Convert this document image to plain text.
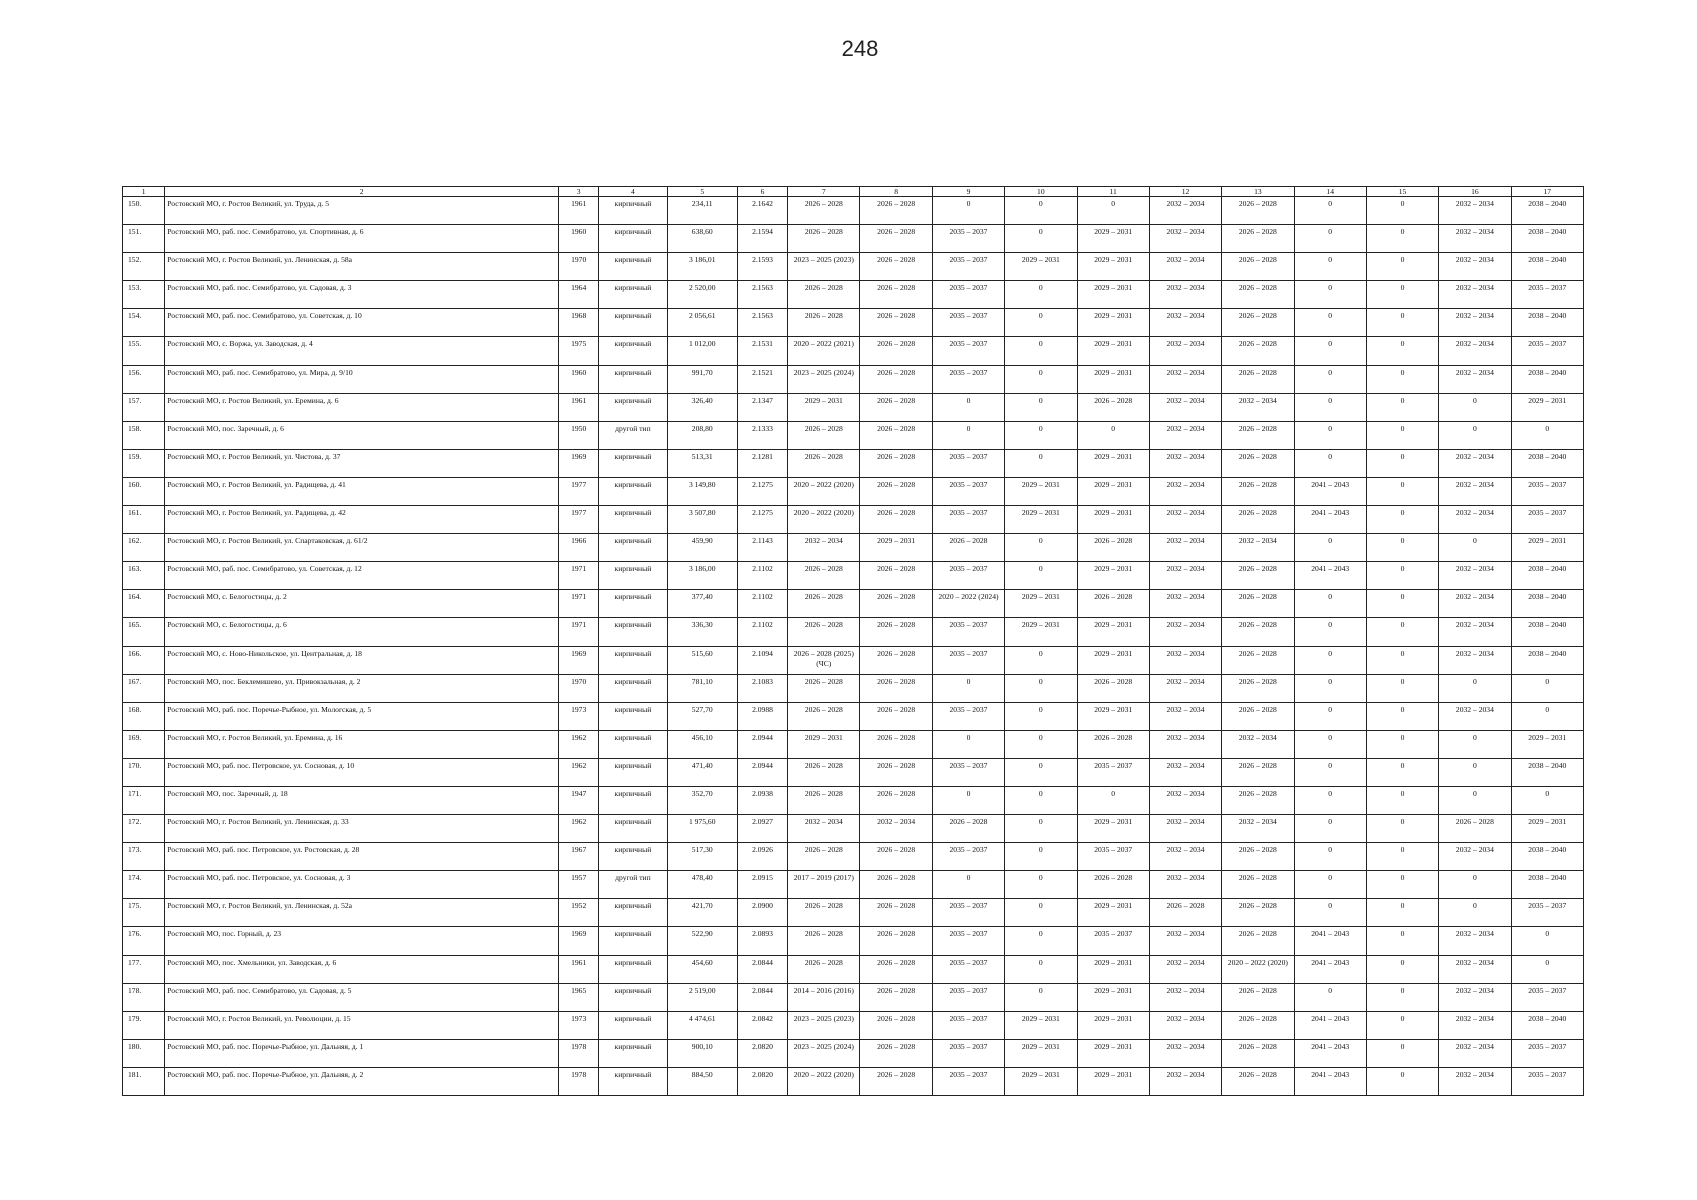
248
1	2	3	4	5	6	7	8	9	10	11	12	13	14	15	16	17
150.	Ростовский МО, г. Ростов Великий, ул. Труда, д. 5	1961	кирпичный	234,11	2.1642	2026 – 2028	2026 – 2028	0	0	0	2032 – 2034	2026 – 2028	0	0	2032 – 2034	2038 – 2040
151.	Ростовский МО, раб. пос. Семибратово, ул. Спортивная, д. 6	1960	кирпичный	638,60	2.1594	2026 – 2028	2026 – 2028	2035 – 2037	0	2029 – 2031	2032 – 2034	2026 – 2028	0	0	2032 – 2034	2038 – 2040
152.	Ростовский МО, г. Ростов Великий, ул. Ленинская, д. 58а	1970	кирпичный	3 186,01	2.1593	2023 – 2025 (2023)	2026 – 2028	2035 – 2037	2029 – 2031	2029 – 2031	2032 – 2034	2026 – 2028	0	0	2032 – 2034	2038 – 2040
153.	Ростовский МО, раб. пос. Семибратово, ул. Садовая, д. 3	1964	кирпичный	2 520,00	2.1563	2026 – 2028	2026 – 2028	2035 – 2037	0	2029 – 2031	2032 – 2034	2026 – 2028	0	0	2032 – 2034	2035 – 2037
154.	Ростовский МО, раб. пос. Семибратово, ул. Советская, д. 10	1968	кирпичный	2 056,61	2.1563	2026 – 2028	2026 – 2028	2035 – 2037	0	2029 – 2031	2032 – 2034	2026 – 2028	0	0	2032 – 2034	2038 – 2040
155.	Ростовский МО, с. Воржа, ул. Заводская, д. 4	1975	кирпичный	1 012,00	2.1531	2020 – 2022 (2021)	2026 – 2028	2035 – 2037	0	2029 – 2031	2032 – 2034	2026 – 2028	0	0	2032 – 2034	2035 – 2037
156.	Ростовский МО, раб. пос. Семибратово, ул. Мира, д. 9/10	1960	кирпичный	991,70	2.1521	2023 – 2025 (2024)	2026 – 2028	2035 – 2037	0	2029 – 2031	2032 – 2034	2026 – 2028	0	0	2032 – 2034	2038 – 2040
157.	Ростовский МО, г. Ростов Великий, ул. Еремина, д. 6	1961	кирпичный	326,40	2.1347	2029 – 2031	2026 – 2028	0	0	2026 – 2028	2032 – 2034	2032 – 2034	0	0	0	2029 – 2031
158.	Ростовский МО, пос. Заречный, д. 6	1950	другой тип	208,80	2.1333	2026 – 2028	2026 – 2028	0	0	0	2032 – 2034	2026 – 2028	0	0	0	0
159.	Ростовский МО, г. Ростов Великий, ул. Чистова, д. 37	1969	кирпичный	513,31	2.1281	2026 – 2028	2026 – 2028	2035 – 2037	0	2029 – 2031	2032 – 2034	2026 – 2028	0	0	2032 – 2034	2038 – 2040
160.	Ростовский МО, г. Ростов Великий, ул. Радищева, д. 41	1977	кирпичный	3 149,80	2.1275	2020 – 2022 (2020)	2026 – 2028	2035 – 2037	2029 – 2031	2029 – 2031	2032 – 2034	2026 – 2028	2041 – 2043	0	2032 – 2034	2035 – 2037
161.	Ростовский МО, г. Ростов Великий, ул. Радищева, д. 42	1977	кирпичный	3 507,80	2.1275	2020 – 2022 (2020)	2026 – 2028	2035 – 2037	2029 – 2031	2029 – 2031	2032 – 2034	2026 – 2028	2041 – 2043	0	2032 – 2034	2035 – 2037
162.	Ростовский МО, г. Ростов Великий, ул. Спартаковская, д. 61/2	1966	кирпичный	459,90	2.1143	2032 – 2034	2029 – 2031	2026 – 2028	0	2026 – 2028	2032 – 2034	2032 – 2034	0	0	0	2029 – 2031
163.	Ростовский МО, раб. пос. Семибратово, ул. Советская, д. 12	1971	кирпичный	3 186,00	2.1102	2026 – 2028	2026 – 2028	2035 – 2037	0	2029 – 2031	2032 – 2034	2026 – 2028	2041 – 2043	0	2032 – 2034	2038 – 2040
164.	Ростовский МО, с. Белогостицы, д. 2	1971	кирпичный	377,40	2.1102	2026 – 2028	2026 – 2028	2020 – 2022 (2024)	2029 – 2031	2026 – 2028	2032 – 2034	2026 – 2028	0	0	2032 – 2034	2038 – 2040
165.	Ростовский МО, с. Белогостицы, д. 6	1971	кирпичный	336,30	2.1102	2026 – 2028	2026 – 2028	2035 – 2037	2029 – 2031	2029 – 2031	2032 – 2034	2026 – 2028	0	0	2032 – 2034	2038 – 2040
166.	Ростовский МО, с. Ново-Никольское, ул. Центральная, д. 18	1969	кирпичный	515,60	2.1094	2026 – 2028 (2025) (ЧС)	2026 – 2028	2035 – 2037	0	2029 – 2031	2032 – 2034	2026 – 2028	0	0	2032 – 2034	2038 – 2040
167.	Ростовский МО, пос. Беклемишево, ул. Привокзальная, д. 2	1970	кирпичный	781,10	2.1083	2026 – 2028	2026 – 2028	0	0	2026 – 2028	2032 – 2034	2026 – 2028	0	0	0	0
168.	Ростовский МО, раб. пос. Поречье-Рыбное, ул. Мологская, д. 5	1973	кирпичный	527,70	2.0988	2026 – 2028	2026 – 2028	2035 – 2037	0	2029 – 2031	2032 – 2034	2026 – 2028	0	0	2032 – 2034	0
169.	Ростовский МО, г. Ростов Великий, ул. Еремина, д. 16	1962	кирпичный	456,10	2.0944	2029 – 2031	2026 – 2028	0	0	2026 – 2028	2032 – 2034	2032 – 2034	0	0	0	2029 – 2031
170.	Ростовский МО, раб. пос. Петровское, ул. Сосновая, д. 10	1962	кирпичный	471,40	2.0944	2026 – 2028	2026 – 2028	2035 – 2037	0	2035 – 2037	2032 – 2034	2026 – 2028	0	0	0	2038 – 2040
171.	Ростовский МО, пос. Заречный, д. 18	1947	кирпичный	352,70	2.0938	2026 – 2028	2026 – 2028	0	0	0	2032 – 2034	2026 – 2028	0	0	0	0
172.	Ростовский МО, г. Ростов Великий, ул. Ленинская, д. 33	1962	кирпичный	1 975,60	2.0927	2032 – 2034	2032 – 2034	2026 – 2028	0	2029 – 2031	2032 – 2034	2032 – 2034	0	0	2026 – 2028	2029 – 2031
173.	Ростовский МО, раб. пос. Петровское, ул. Ростовская, д. 28	1967	кирпичный	517,30	2.0926	2026 – 2028	2026 – 2028	2035 – 2037	0	2035 – 2037	2032 – 2034	2026 – 2028	0	0	2032 – 2034	2038 – 2040
174.	Ростовский МО, раб. пос. Петровское, ул. Сосновая, д. 3	1957	другой тип	478,40	2.0915	2017 – 2019 (2017)	2026 – 2028	0	0	2026 – 2028	2032 – 2034	2026 – 2028	0	0	0	2038 – 2040
175.	Ростовский МО, г. Ростов Великий, ул. Ленинская, д. 52а	1952	кирпичный	421,70	2.0900	2026 – 2028	2026 – 2028	2035 – 2037	0	2029 – 2031	2026 – 2028	2026 – 2028	0	0	0	2035 – 2037
176.	Ростовский МО, пос. Горный, д. 23	1969	кирпичный	522,90	2.0893	2026 – 2028	2026 – 2028	2035 – 2037	0	2035 – 2037	2032 – 2034	2026 – 2028	2041 – 2043	0	2032 – 2034	0
177.	Ростовский МО, пос. Хмельники, ул. Заводская, д. 6	1961	кирпичный	454,60	2.0844	2026 – 2028	2026 – 2028	2035 – 2037	0	2029 – 2031	2032 – 2034	2020 – 2022 (2020)	2041 – 2043	0	2032 – 2034	0
178.	Ростовский МО, раб. пос. Семибратово, ул. Садовая, д. 5	1965	кирпичный	2 519,00	2.0844	2014 – 2016 (2016)	2026 – 2028	2035 – 2037	0	2029 – 2031	2032 – 2034	2026 – 2028	0	0	2032 – 2034	2035 – 2037
179.	Ростовский МО, г. Ростов Великий, ул. Революции, д. 15	1973	кирпичный	4 474,61	2.0842	2023 – 2025 (2023)	2026 – 2028	2035 – 2037	2029 – 2031	2029 – 2031	2032 – 2034	2026 – 2028	2041 – 2043	0	2032 – 2034	2038 – 2040
180.	Ростовский МО, раб. пос. Поречье-Рыбное, ул. Дальняя, д. 1	1978	кирпичный	900,10	2.0820	2023 – 2025 (2024)	2026 – 2028	2035 – 2037	2029 – 2031	2029 – 2031	2032 – 2034	2026 – 2028	2041 – 2043	0	2032 – 2034	2035 – 2037
181.	Ростовский МО, раб. пос. Поречье-Рыбное, ул. Дальняя, д. 2	1978	кирпичный	884,50	2.0820	2020 – 2022 (2020)	2026 – 2028	2035 – 2037	2029 – 2031	2029 – 2031	2032 – 2034	2026 – 2028	2041 – 2043	0	2032 – 2034	2035 – 2037
